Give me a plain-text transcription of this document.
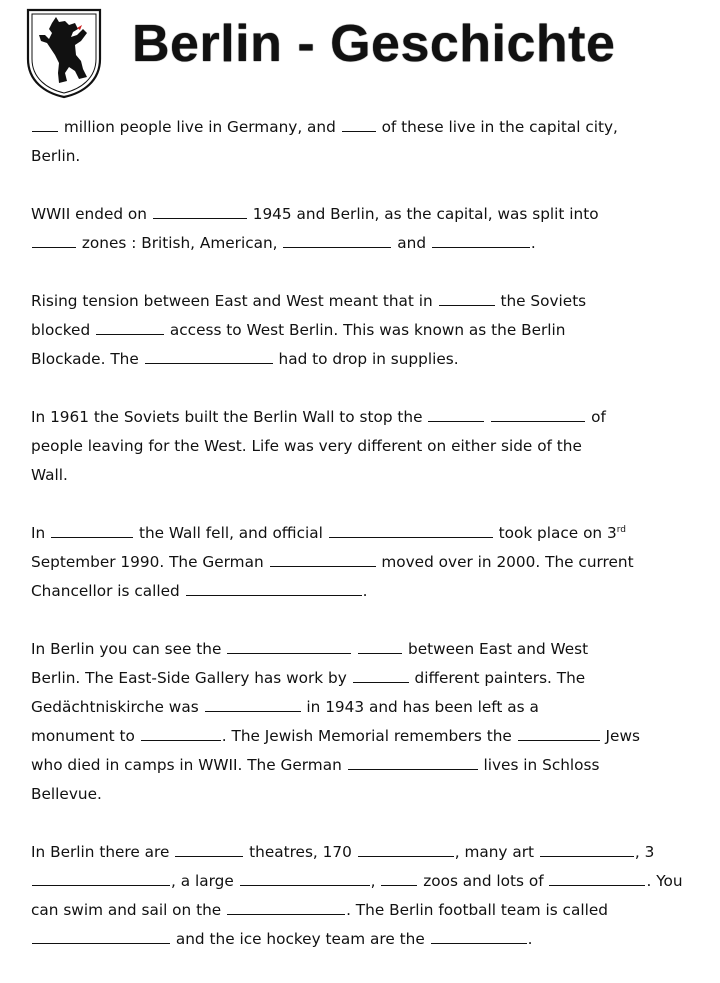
Berlin - Geschichte
million people live in Germany, and  of these live in the capital city,
Berlin.
WWII ended on	1945 and Berlin, as the capital, was split into
zones : British, American,	and	.
Rising tension between East and West meant that in	the Soviets
blocked	access to West Berlin. This was known as the Berlin
Blockade. The	had to drop in supplies.
In 1961 the Soviets built the Berlin Wall to stop the	of
people leaving for the West. Life was very different on either side of the
Wall.
In	the Wall fell, and official	took place on 3rd
September 1990. The German	moved over in 2000. The current
Chancellor is called	.
In Berlin you can see the	between East and West
Berlin. The East-Side Gallery has work by	different painters. The
Gedächtniskirche was	in 1943 and has been left as a
monument to	. The Jewish Memorial remembers the	Jews
who died in camps in WWII. The German	lives in Schloss
Bellevue.
In Berlin there are	theatres, 170	, many art	, 3
, a large	,  zoos and lots of	. You
can swim and sail on the	. The Berlin football team is called
and the ice hockey team are the	.
